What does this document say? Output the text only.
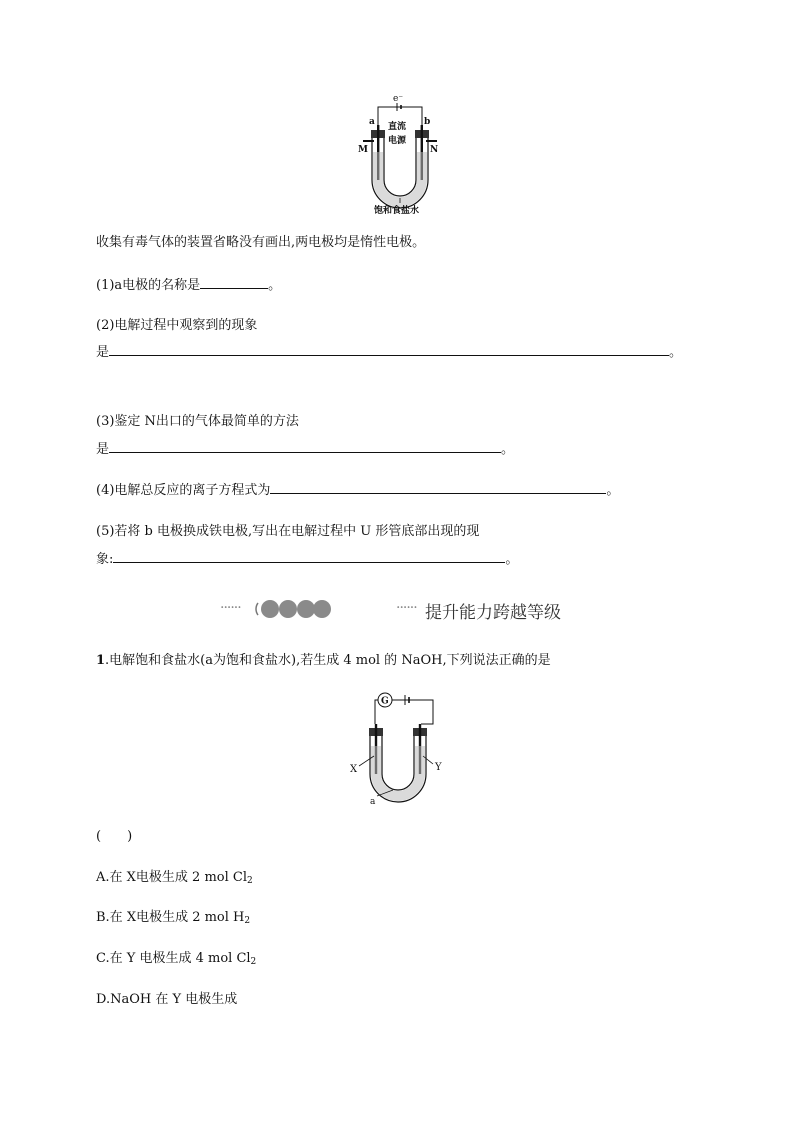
e⁻
直流
电源
a	b
M	N
饱和食盐水
收集有毒气体的装置省略没有画出,两电极均是惰性电极。
(1)a电极的名称是	。
(2)电解过程中观察到的现象
是	。
(3)鉴定 N出口的气体最简单的方法
是	。
(4)电解总反应的离子方程式为	。
(5)若将 b 电极换成铁电极,写出在电解过程中 U 形管底部出现的现
象:	。
······	······ 提升能力跨越等级
1.电解饱和食盐水(a为饱和食盐水),若生成 4 mol 的 NaOH,下列说法正确的是
G
X	Y
a
(　　)
A.在 X电极生成 2 mol $Cl_2$
B.在 X电极生成 2 mol $H_2$
C.在 Y 电极生成 4 mol $Cl_2$
D.NaOH 在 Y 电极生成
